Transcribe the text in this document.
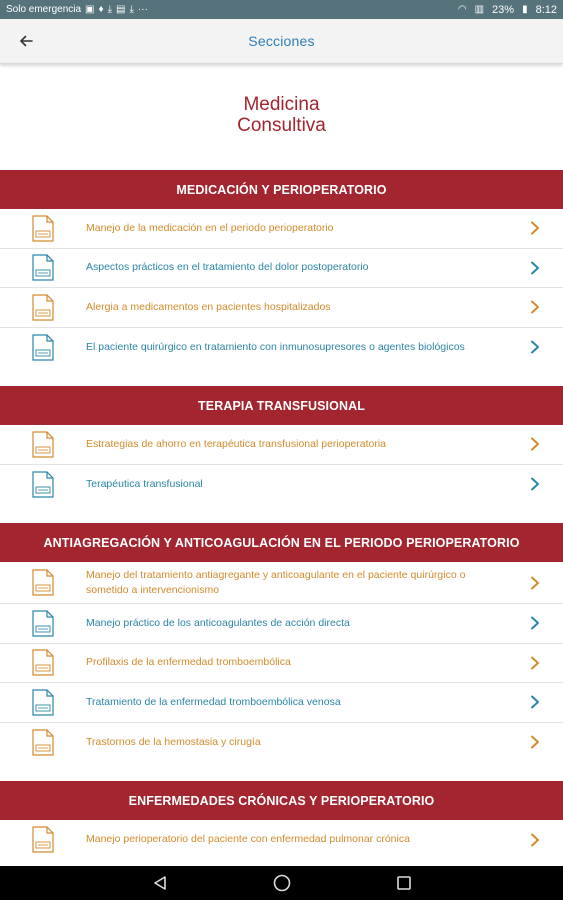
Solo emergencia ▣ ♦ ⤓ ▤ ⤓ ···	◠ ▥ 23% ▮ 8:12
Secciones
Medicina
Consultiva
MEDICACIÓN Y PERIOPERATORIO
Manejo de la medicación en el periodo perioperatorio
Aspectos prácticos en el tratamiento del dolor postoperatorio
Alergia a medicamentos en pacientes hospitalizados
El paciente quirúrgico en tratamiento con inmunosupresores o agentes biológicos
TERAPIA TRANSFUSIONAL
Estrategias de ahorro en terapéutica transfusional perioperatoria
Terapéutica transfusional
ANTIAGREGACIÓN Y ANTICOAGULACIÓN EN EL PERIODO PERIOPERATORIO
Manejo del tratamiento antiagregante y anticoagulante en el paciente quirúrgico o sometido a intervencionismo
Manejo práctico de los anticoagulantes de acción directa
Profilaxis de la enfermedad tromboembólica
Tratamiento de la enfermedad tromboembólica venosa
Trastornos de la hemostasia y cirugía
ENFERMEDADES CRÓNICAS Y PERIOPERATORIO
Manejo perioperatorio del paciente con enfermedad pulmonar crónica
